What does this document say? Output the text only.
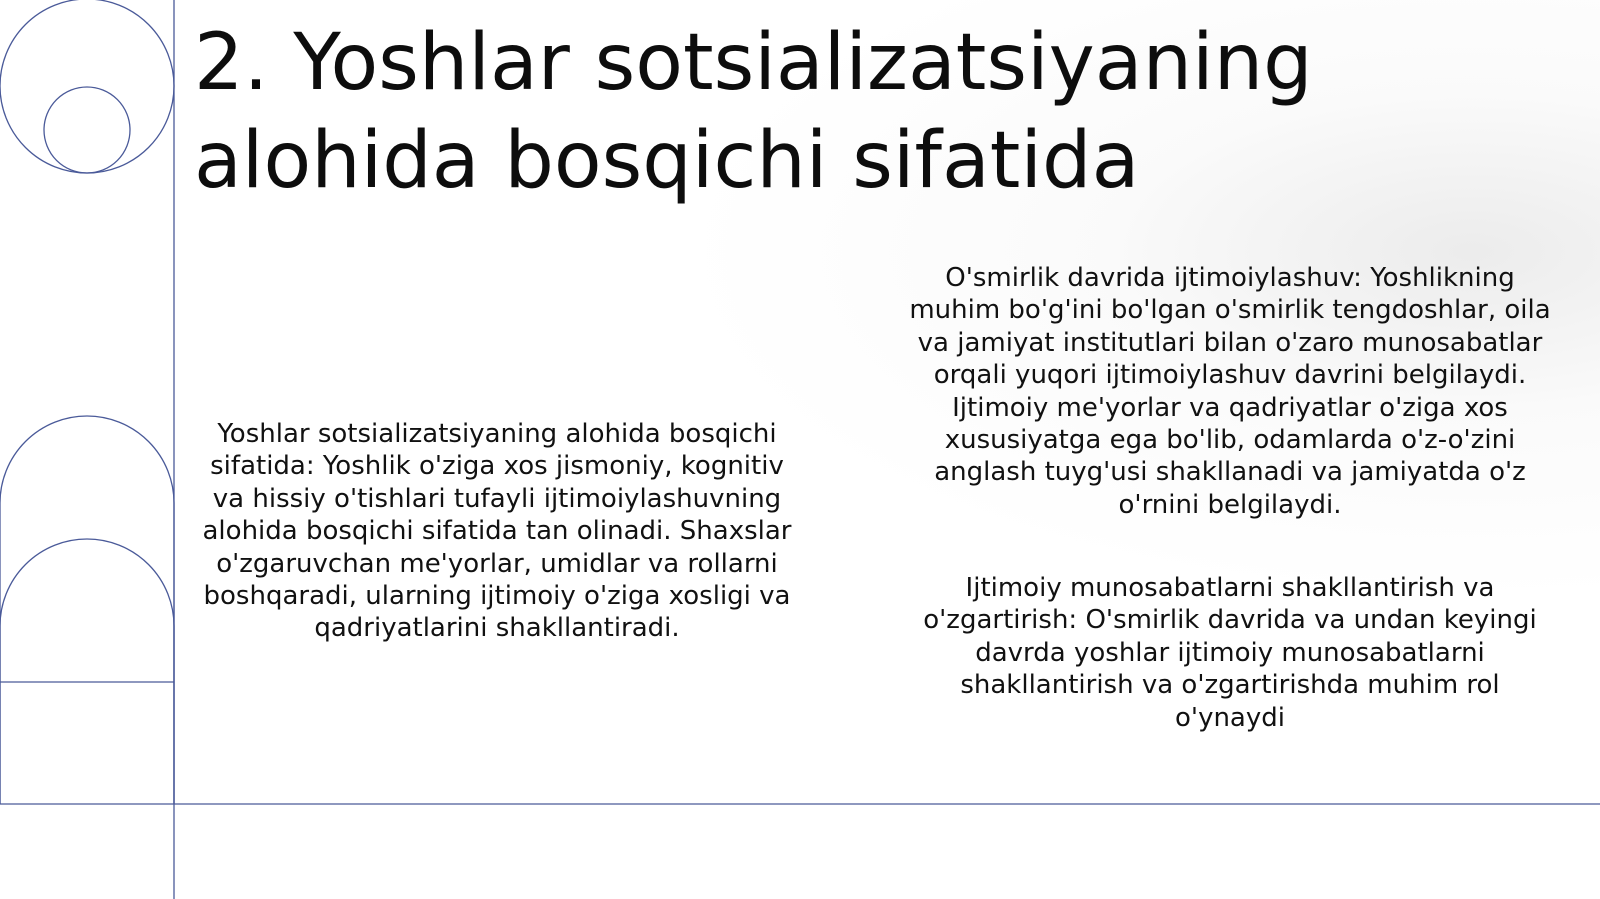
2. Yoshlar sotsializatsiyaning
alohida bosqichi sifatida

Yoshlar sotsializatsiyaning alohida bosqichi sifatida: Yoshlik o'ziga xos jismoniy, kognitiv va hissiy o'tishlari tufayli ijtimoiylashuvning alohida bosqichi sifatida tan olinadi. Shaxslar o'zgaruvchan me'yorlar, umidlar va rollarni boshqaradi, ularning ijtimoiy o'ziga xosligi va qadriyatlarini shakllantiradi.

O'smirlik davrida ijtimoiylashuv: Yoshlikning muhim bo'g'ini bo'lgan o'smirlik tengdoshlar, oila va jamiyat institutlari bilan o'zaro munosabatlar orqali yuqori ijtimoiylashuv davrini belgilaydi. Ijtimoiy me'yorlar va qadriyatlar o'ziga xos xususiyatga ega bo'lib, odamlarda o'z-o'zini anglash tuyg'usi shakllanadi va jamiyatda o'z o'rnini belgilaydi.

Ijtimoiy munosabatlarni shakllantirish va o'zgartirish: O'smirlik davrida va undan keyingi davrda yoshlar ijtimoiy munosabatlarni shakllantirish va o'zgartirishda muhim rol o'ynaydi
